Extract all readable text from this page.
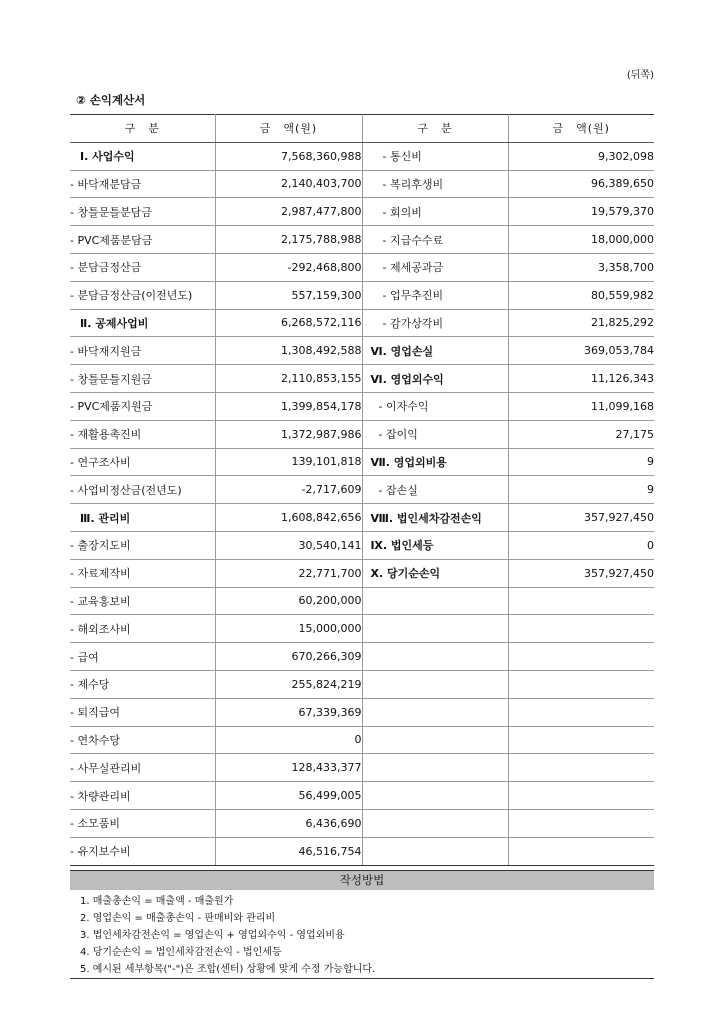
(뒤쪽)
② 손익계산서
구　분	금　액(원)	구　분	금　액(원)
Ⅰ. 사업수익	7,568,360,988	- 통신비	9,302,098
- 바닥재분담금	2,140,403,700	- 복리후생비	96,389,650
- 창틀문틀분담금	2,987,477,800	- 회의비	19,579,370
- PVC제품분담금	2,175,788,988	- 지급수수료	18,000,000
- 분담금정산금	-292,468,800	- 제세공과금	3,358,700
- 분담금정산금(이전년도)	557,159,300	- 업무추진비	80,559,982
Ⅱ. 공제사업비	6,268,572,116	- 감가상각비	21,825,292
- 바닥재지원금	1,308,492,588	Ⅵ. 영업손실	369,053,784
- 창틀문틀지원금	2,110,853,155	Ⅵ. 영업외수익	11,126,343
- PVC제품지원금	1,399,854,178	- 이자수익	11,099,168
- 재활용촉진비	1,372,987,986	- 잡이익	27,175
- 연구조사비	139,101,818	Ⅶ. 영업외비용	9
- 사업비정산금(전년도)	-2,717,609	- 잡손실	9
Ⅲ. 관리비	1,608,842,656	Ⅷ. 법인세차감전손익	357,927,450
- 출장지도비	30,540,141	Ⅸ. 법인세등	0
- 자료제작비	22,771,700	Ⅹ. 당기순손익	357,927,450
- 교육홍보비	60,200,000		
- 해외조사비	15,000,000		
- 급여	670,266,309		
- 제수당	255,824,219		
- 퇴직급여	67,339,369		
- 연차수당	0		
- 사무실관리비	128,433,377		
- 차량관리비	56,499,005		
- 소모품비	6,436,690		
- 유지보수비	46,516,754		
작성방법
1. 매출총손익 = 매출액 - 매출원가
2. 영업손익 = 매출총손익 - 판매비와 관리비
3. 법인세차감전손익 = 영업손익 + 영업외수익 - 영업외비용
4. 당기순손익 = 법인세차감전손익 - 법인세등
5. 예시된 세부항목("-")은 조합(센터) 상황에 맞게 수정 가능합니다.
